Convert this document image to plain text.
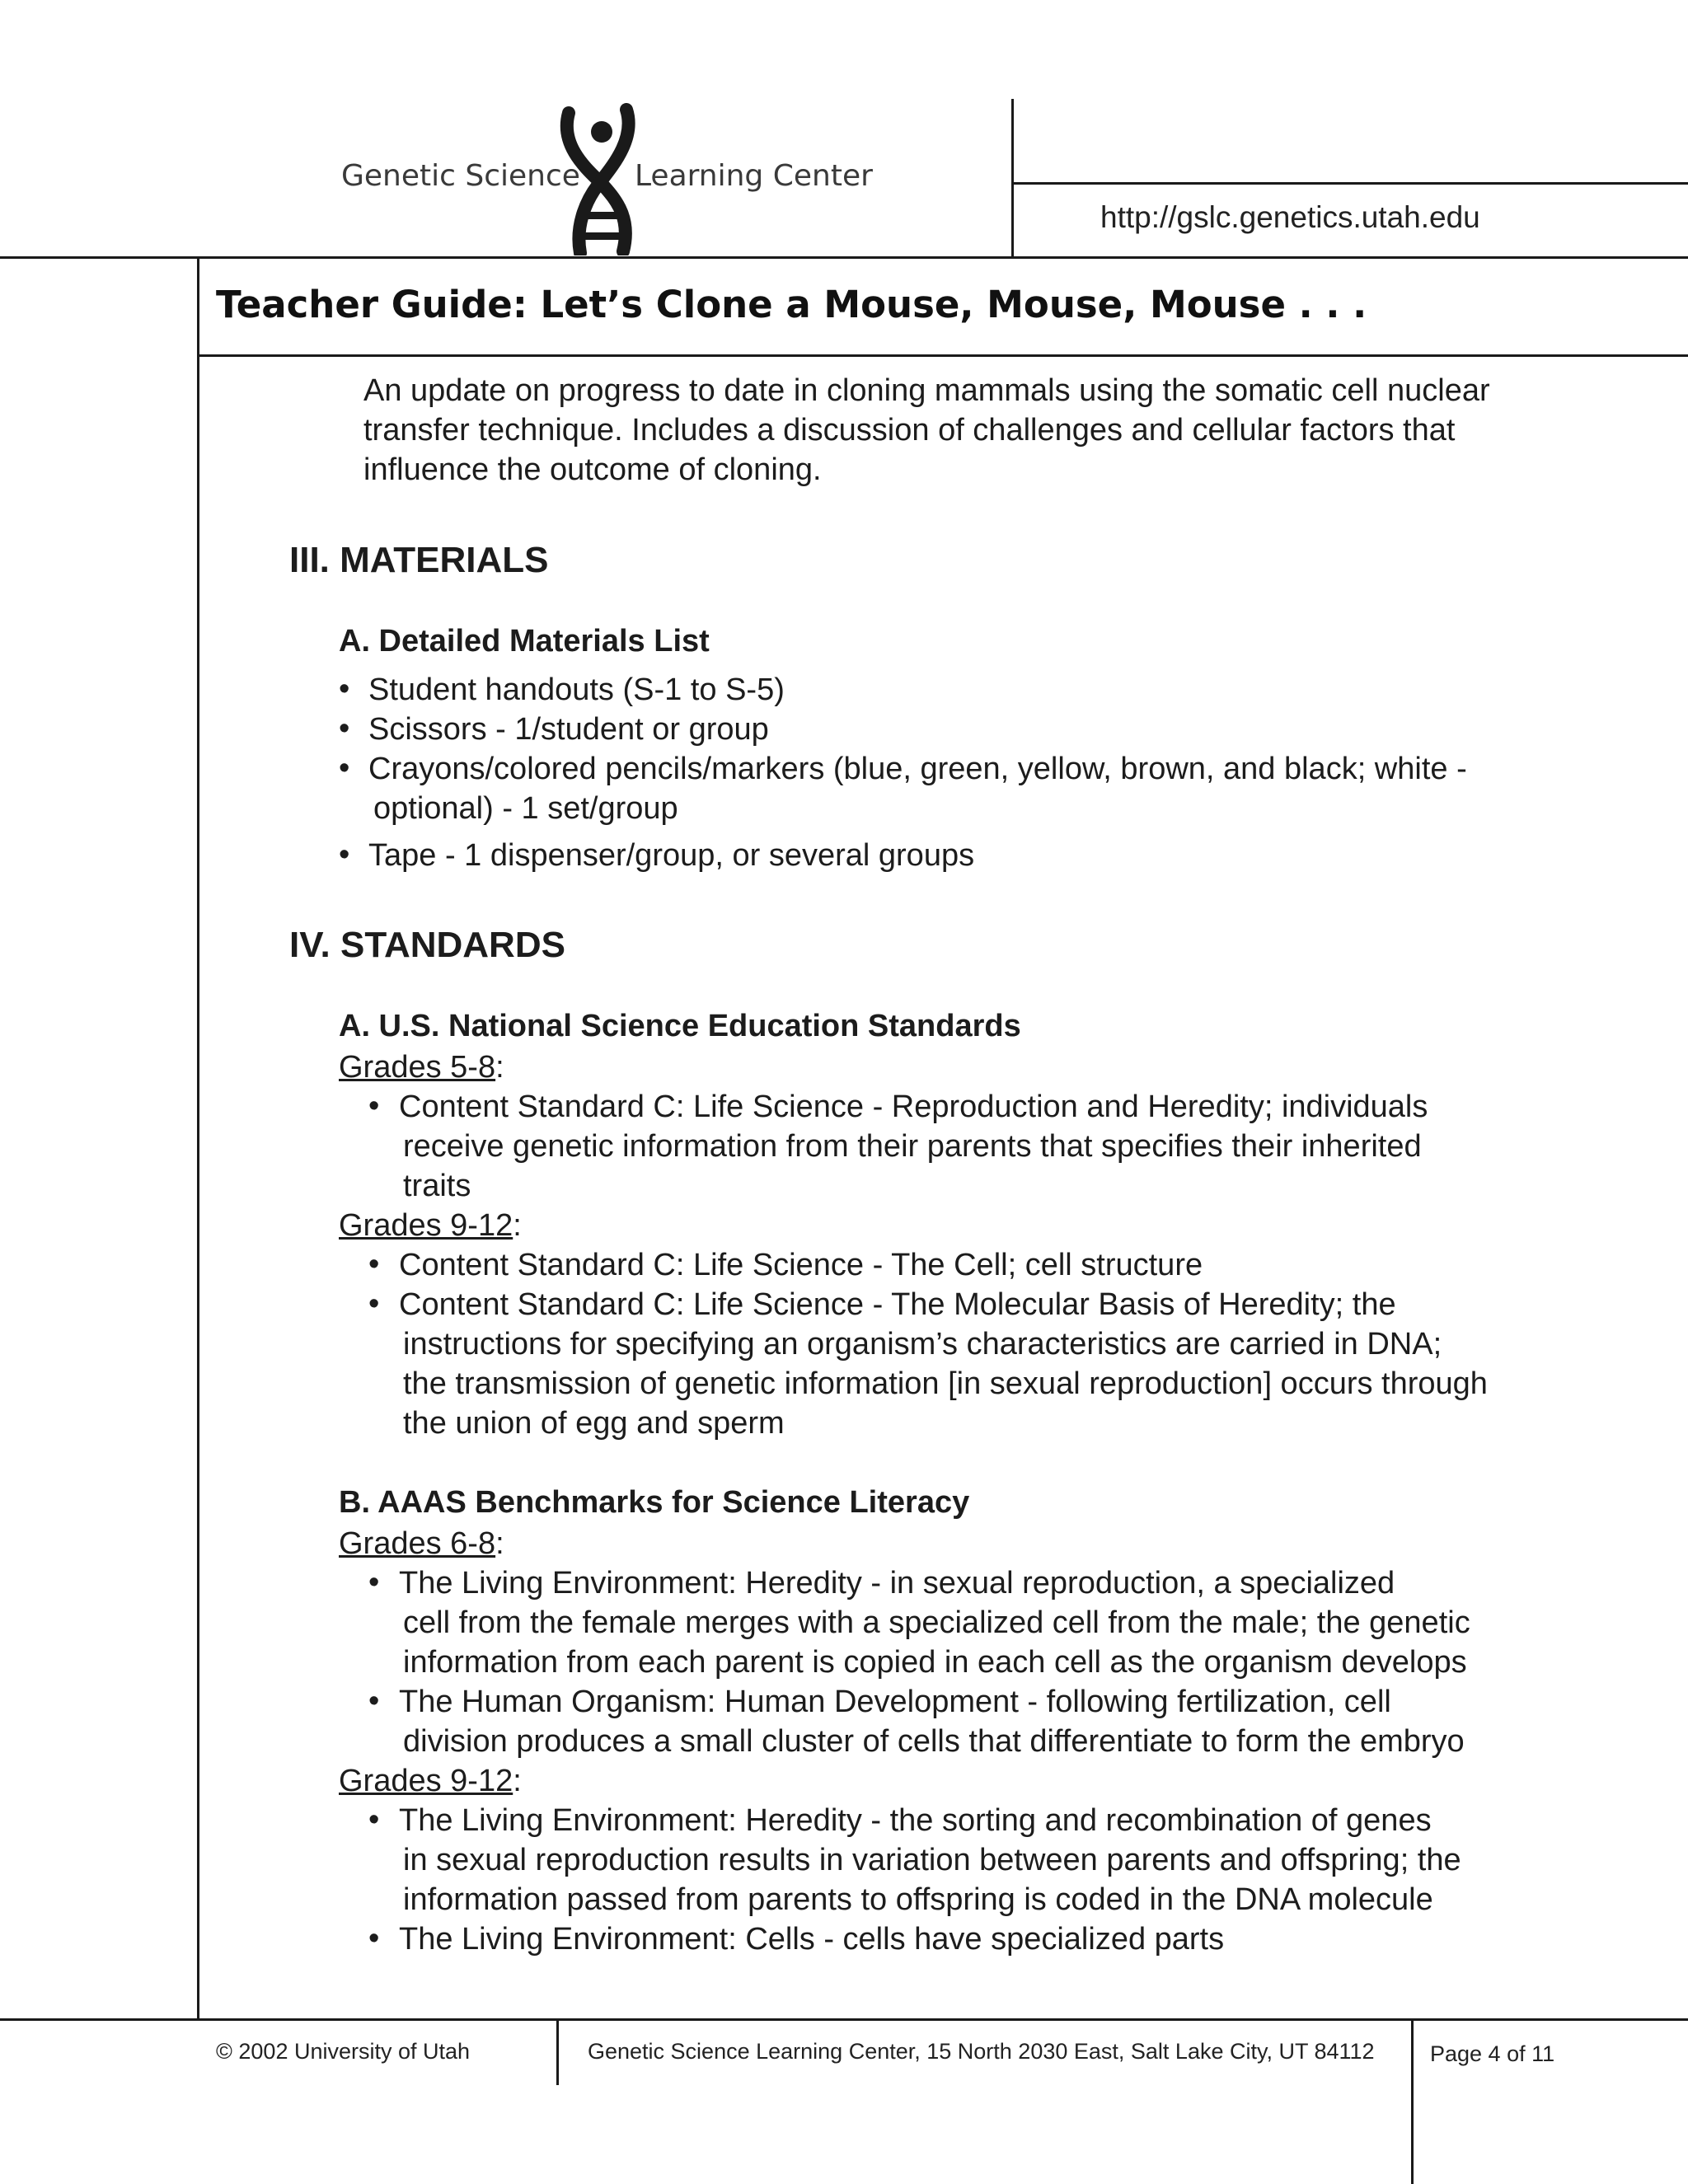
Genetic Science Learning Center
http://gslc.genetics.utah.edu
Teacher Guide: Let’s Clone a Mouse, Mouse, Mouse . . .
An update on progress to date in cloning mammals using the somatic cell nuclear
transfer technique. Includes a discussion of challenges and cellular factors that
influence the outcome of cloning.
III. MATERIALS
A. Detailed Materials List
• Student handouts (S-1 to S-5)
• Scissors - 1/student or group
• Crayons/colored pencils/markers (blue, green, yellow, brown, and black; white -
optional) - 1 set/group
• Tape - 1 dispenser/group, or several groups
IV. STANDARDS
A. U.S. National Science Education Standards
Grades 5-8:
• Content Standard C: Life Science - Reproduction and Heredity; individuals
receive genetic information from their parents that specifies their inherited
traits
Grades 9-12:
• Content Standard C: Life Science - The Cell; cell structure
• Content Standard C: Life Science - The Molecular Basis of Heredity; the
instructions for specifying an organism’s characteristics are carried in DNA;
the transmission of genetic information [in sexual reproduction] occurs through
the union of egg and sperm
B. AAAS Benchmarks for Science Literacy
Grades 6-8:
• The Living Environment: Heredity - in sexual reproduction, a specialized
cell from the female merges with a specialized cell from the male; the genetic
information from each parent is copied in each cell as the organism develops
• The Human Organism: Human Development - following fertilization, cell
division produces a small cluster of cells that differentiate to form the embryo
Grades 9-12:
• The Living Environment: Heredity - the sorting and recombination of genes
in sexual reproduction results in variation between parents and offspring; the
information passed from parents to offspring is coded in the DNA molecule
• The Living Environment: Cells - cells have specialized parts
© 2002 University of Utah	Genetic Science Learning Center, 15 North 2030 East, Salt Lake City, UT 84112 Page 4 of 11
